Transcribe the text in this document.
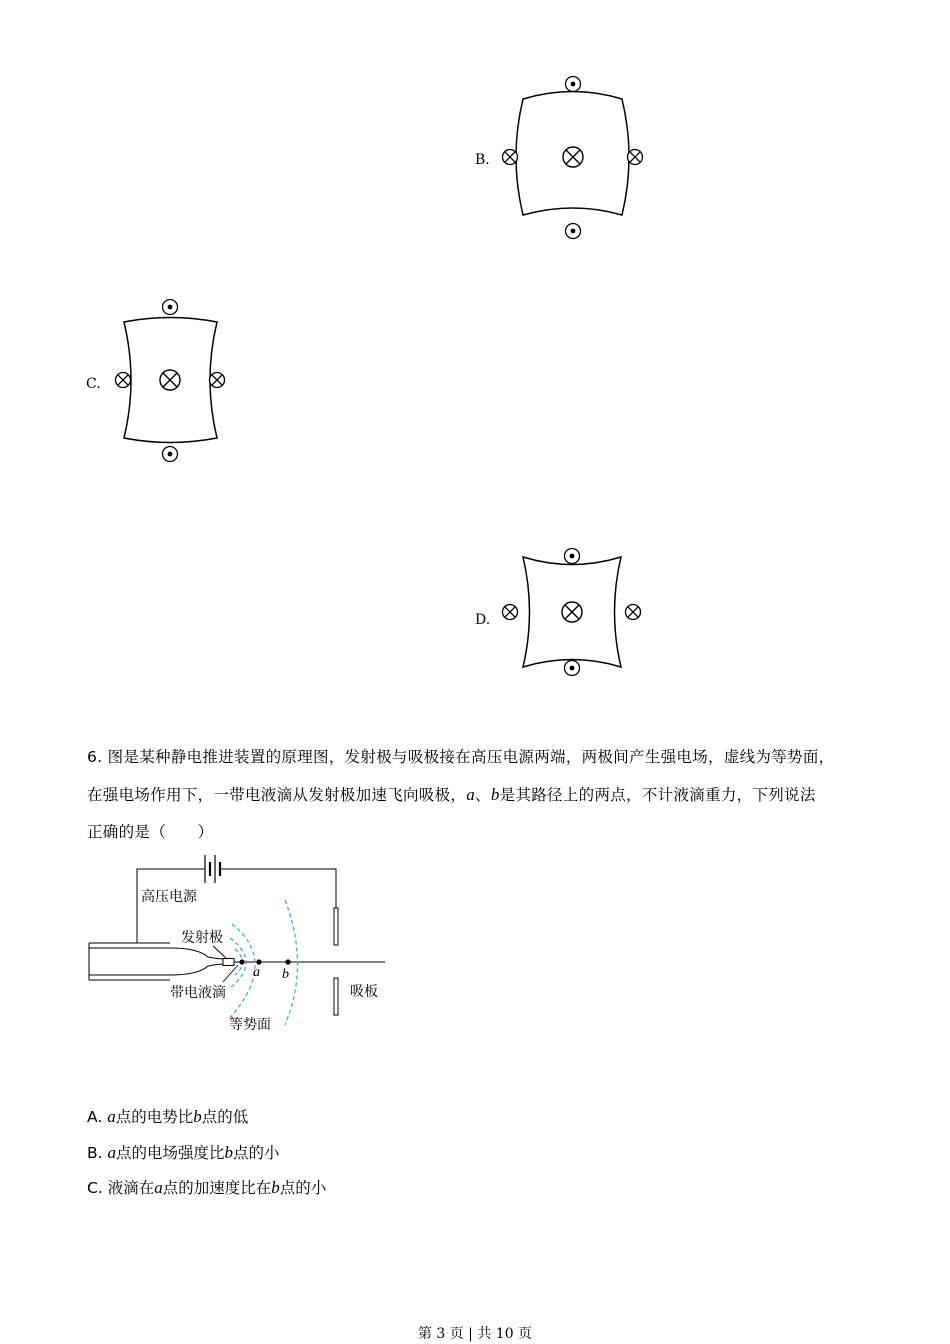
B.
C.
D.
6. 图是某种静电推进装置的原理图，发射极与吸极接在高压电源两端，两极间产生强电场，虚线为等势面，
在强电场作用下，一带电液滴从发射极加速飞向吸极，a、b是其路径上的两点，不计液滴重力，下列说法
正确的是（　　）
高压电源
发射极
a b
带电液滴
等势面
吸板
A. a点的电势比b点的低
B. a点的电场强度比b点的小
C. 液滴在a点的加速度比在b点的小
第 3 页 | 共 10 页
